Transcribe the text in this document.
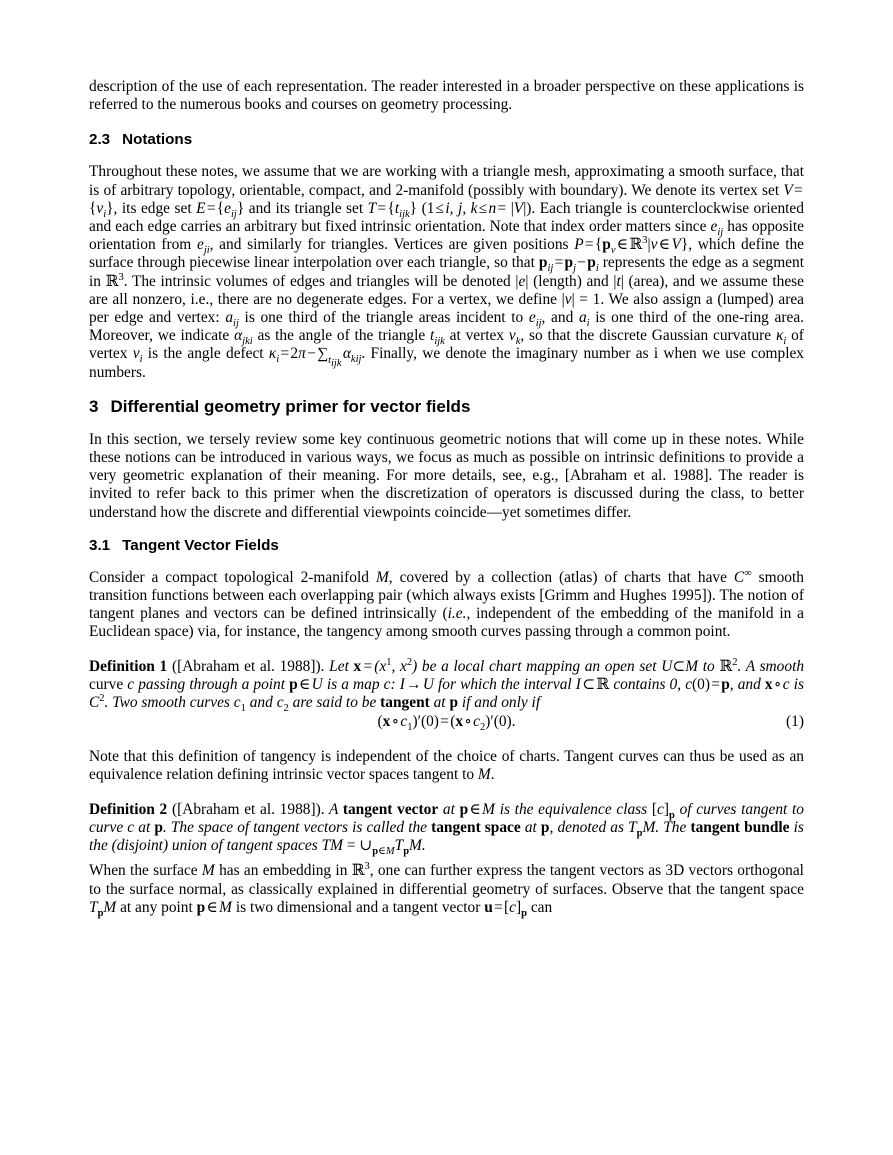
description of the use of each representation. The reader interested in a broader perspective on these applications is referred to the numerous books and courses on geometry processing.

2.3 Notations

Throughout these notes, we assume that we are working with a triangle mesh, approximating a smooth surface, that is of arbitrary topology, orientable, compact, and 2-manifold (possibly with boundary). We denote its vertex set V = $\{v_i\}$, its edge set E = $\{e_{ij}\}$ and its triangle set T = $\{t_{ijk}\}$ (1 ≤ i, j, k ≤ n = |V|). Each triangle is counterclockwise oriented and each edge carries an arbitrary but fixed intrinsic orientation. Note that index order matters since $e_{ij}$ has opposite orientation from $e_{ji}$, and similarly for triangles. Vertices are given positions P = {$p_v$ ∈ ℝ$^3$|v ∈ V}, which define the surface through piecewise linear interpolation over each triangle, so that $p_{ij}$ = $p_j$ − $p_i$ represents the edge as a segment in ℝ$^3$. The intrinsic volumes of edges and triangles will be denoted |e| (length) and |t| (area), and we assume these are all nonzero, i.e., there are no degenerate edges. For a vertex, we define |v| = 1. We also assign a (lumped) area per edge and vertex: $a_{ij}$ is one third of the triangle areas incident to $e_{ij}$, and $a_i$ is one third of the one-ring area. Moreover, we indicate $\alpha_{jki}$ as the angle of the triangle $t_{ijk}$ at vertex $v_k$, so that the discrete Gaussian curvature $\kappa_i$ of vertex $v_i$ is the angle defect $\kappa_i$ = 2π − $\sum_{t_{ijk}}$ $\alpha_{kij}$. Finally, we denote the imaginary number as i when we use complex numbers.

3 Differential geometry primer for vector fields

In this section, we tersely review some key continuous geometric notions that will come up in these notes. While these notions can be introduced in various ways, we focus as much as possible on intrinsic definitions to provide a very geometric explanation of their meaning. For more details, see, e.g., [Abraham et al. 1988]. The reader is invited to refer back to this primer when the discretization of operators is discussed during the class, to better understand how the discrete and differential viewpoints coincide—yet sometimes differ.

3.1 Tangent Vector Fields

Consider a compact topological 2-manifold M, covered by a collection (atlas) of charts that have C∞ smooth transition functions between each overlapping pair (which always exists [Grimm and Hughes 1995]). The notion of tangent planes and vectors can be defined intrinsically (i.e., independent of the embedding of the manifold in a Euclidean space) via, for instance, the tangency among smooth curves passing through a common point.

Definition 1 ([Abraham et al. 1988]). Let x = ($x^1$, $x^2$) be a local chart mapping an open set U⊂M to ℝ$^2$. A smooth curve c passing through a point p ∈ U is a map c: I → U for which the interval I ⊂ ℝ contains 0, c(0) = p, and x ∘ c is $C^2$. Two smooth curves $c_1$ and $c_2$ are said to be tangent at p if and only if

(x ∘ $c_1)'(0)$ = (x ∘ $c_2)'(0)$.	(1)

Note that this definition of tangency is independent of the choice of charts. Tangent curves can thus be used as an equivalence relation defining intrinsic vector spaces tangent to M.

Definition 2 ([Abraham et al. 1988]). A tangent vector at p ∈ M is the equivalence class $[c]_p$ of curves tangent to curve c at p. The space of tangent vectors is called the tangent space at p, denoted as $T_pM$. The tangent bundle is the (disjoint) union of tangent spaces TM = $\cup_{p\in M}T_pM$.

When the surface M has an embedding in ℝ$^3$, one can further express the tangent vectors as 3D vectors orthogonal to the surface normal, as classically explained in differential geometry of surfaces. Observe that the tangent space $T_pM$ at any point p ∈ M is two dimensional and a tangent vector u = $[c]_p$ can
